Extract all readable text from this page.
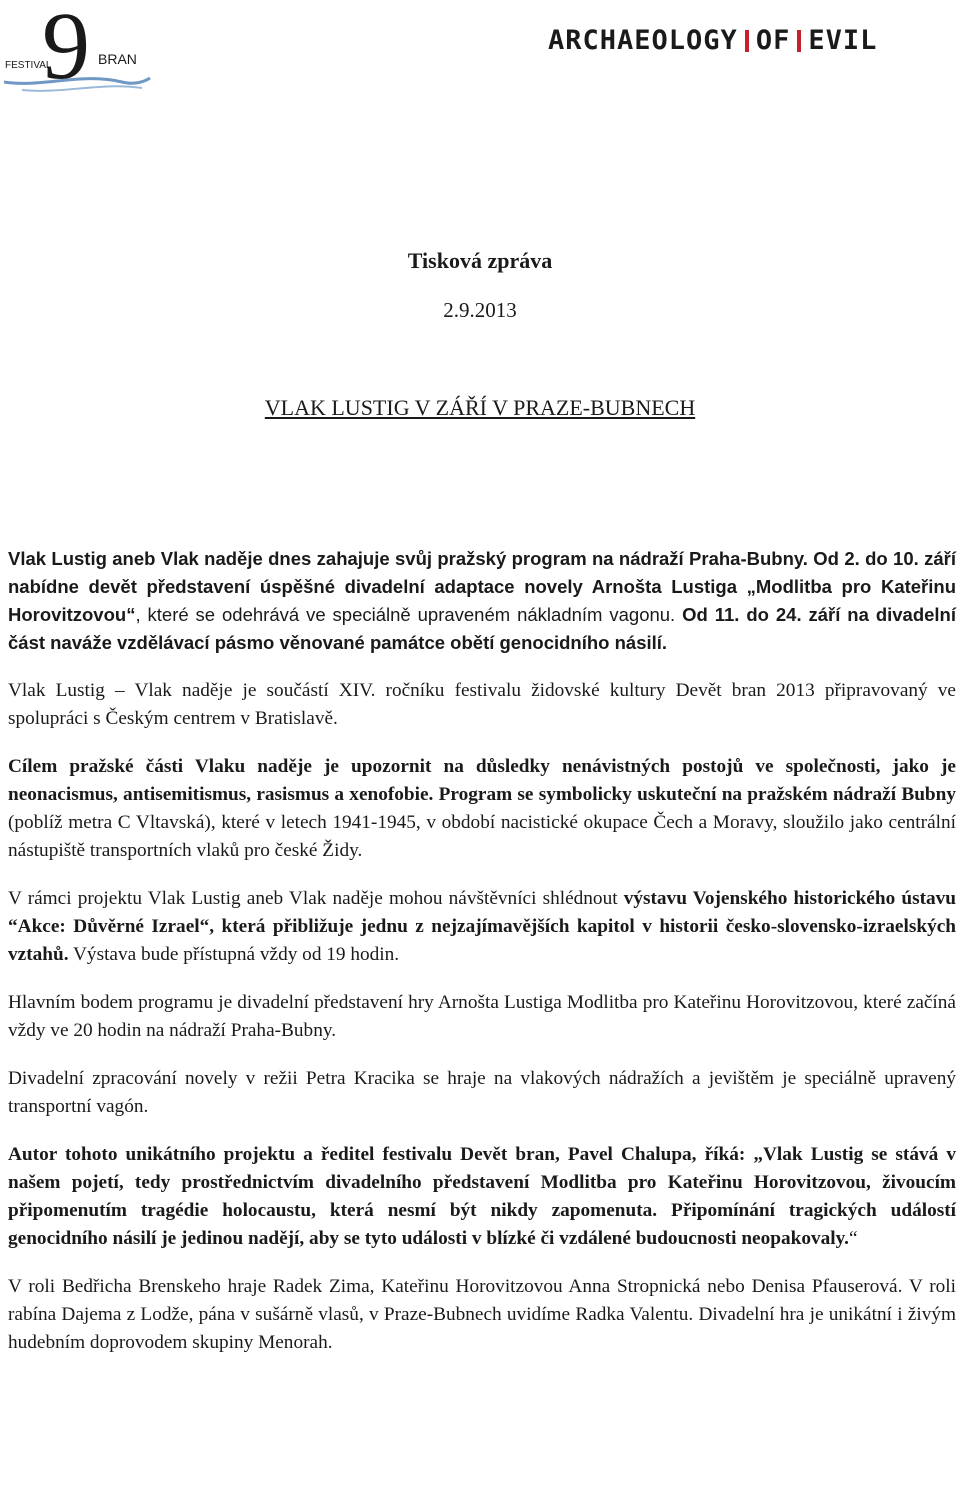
9
FESTIVAL	BRAN
ARCHAEOLOGY OF EVIL
Tisková zpráva
2.9.2013
VLAK LUSTIG V ZÁŘÍ V PRAZE-BUBNECH

Vlak Lustig aneb Vlak naděje dnes zahajuje svůj pražský program na nádraží Praha-Bubny. Od 2. do 10. září nabídne devět představení úspěšné divadelní adaptace novely Arnošta Lustiga „Modlitba pro Kateřinu Horovitzovou“, které se odehrává ve speciálně upraveném nákladním vagonu. Od 11. do 24. září na divadelní část naváže vzdělávací pásmo věnované památce obětí genocidního násilí.

Vlak Lustig – Vlak naděje je součástí XIV. ročníku festivalu židovské kultury Devět bran 2013 připravovaný ve spolupráci s Českým centrem v Bratislavě.

Cílem pražské části Vlaku naděje je upozornit na důsledky nenávistných postojů ve společnosti, jako je neonacismus, antisemitismus, rasismus a xenofobie. Program se symbolicky uskuteční na pražském nádraží Bubny (poblíž metra C Vltavská), které v letech 1941-1945, v období nacistické okupace Čech a Moravy, sloužilo jako centrální nástupiště transportních vlaků pro české Židy.

V rámci projektu Vlak Lustig aneb Vlak naděje mohou návštěvníci shlédnout výstavu Vojenského historického ústavu “Akce: Důvěrné Izrael“, která přibližuje jednu z nejzajímavějších kapitol v historii česko-slovensko-izraelských vztahů. Výstava bude přístupná vždy od 19 hodin.

Hlavním bodem programu je divadelní představení hry Arnošta Lustiga Modlitba pro Kateřinu Horovitzovou, které začíná vždy ve 20 hodin na nádraží Praha-Bubny.

Divadelní zpracování novely v režii Petra Kracika se hraje na vlakových nádražích a jevištěm je speciálně upravený transportní vagón.

Autor tohoto unikátního projektu a ředitel festivalu Devět bran, Pavel Chalupa, říká: „Vlak Lustig se stává v našem pojetí, tedy prostřednictvím divadelního představení Modlitba pro Kateřinu Horovitzovou, živoucím připomenutím tragédie holocaustu, která nesmí být nikdy zapomenuta. Připomínání tragických událostí genocidního násilí je jedinou nadějí, aby se tyto události v blízké či vzdálené budoucnosti neopakovaly.“

V roli Bedřicha Brenskeho hraje Radek Zima, Kateřinu Horovitzovou Anna Stropnická nebo Denisa Pfauserová. V roli rabína Dajema z Lodže, pána v sušárně vlasů, v Praze-Bubnech uvidíme Radka Valentu. Divadelní hra je unikátní i živým hudebním doprovodem skupiny Menorah.
